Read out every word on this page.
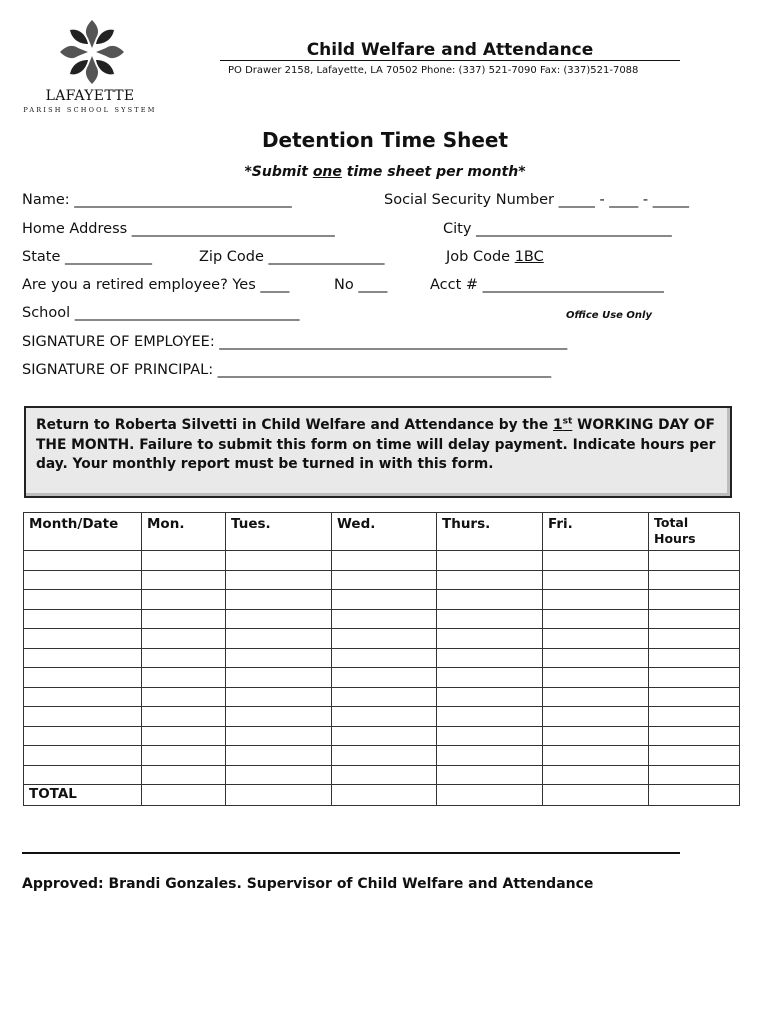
LAFAYETTE
PARISH SCHOOL SYSTEM
Child Welfare and Attendance
PO Drawer 2158, Lafayette, LA 70502 Phone: (337) 521-7090 Fax: (337)521-7088
Detention Time Sheet
*Submit one time sheet per month*
Name: ______________________________	Social Security Number _____ - ____ - _____
Home Address ____________________________	City ___________________________
State ____________	Zip Code ________________	Job Code 1BC
Are you a retired employee? Yes ____	No ____	Acct # _________________________
School _______________________________	Office Use Only
SIGNATURE OF EMPLOYEE: ________________________________________________
SIGNATURE OF PRINCIPAL: ______________________________________________
Return to Roberta Silvetti in Child Welfare and Attendance by the 1st WORKING DAY OF THE MONTH. Failure to submit this form on time will delay payment. Indicate hours per day. Your monthly report must be turned in with this form.
Month/Date	Mon.	Tues.	Wed.	Thurs.	Fri.	Total Hours

TOTAL						
Approved: Brandi Gonzales. Supervisor of Child Welfare and Attendance
